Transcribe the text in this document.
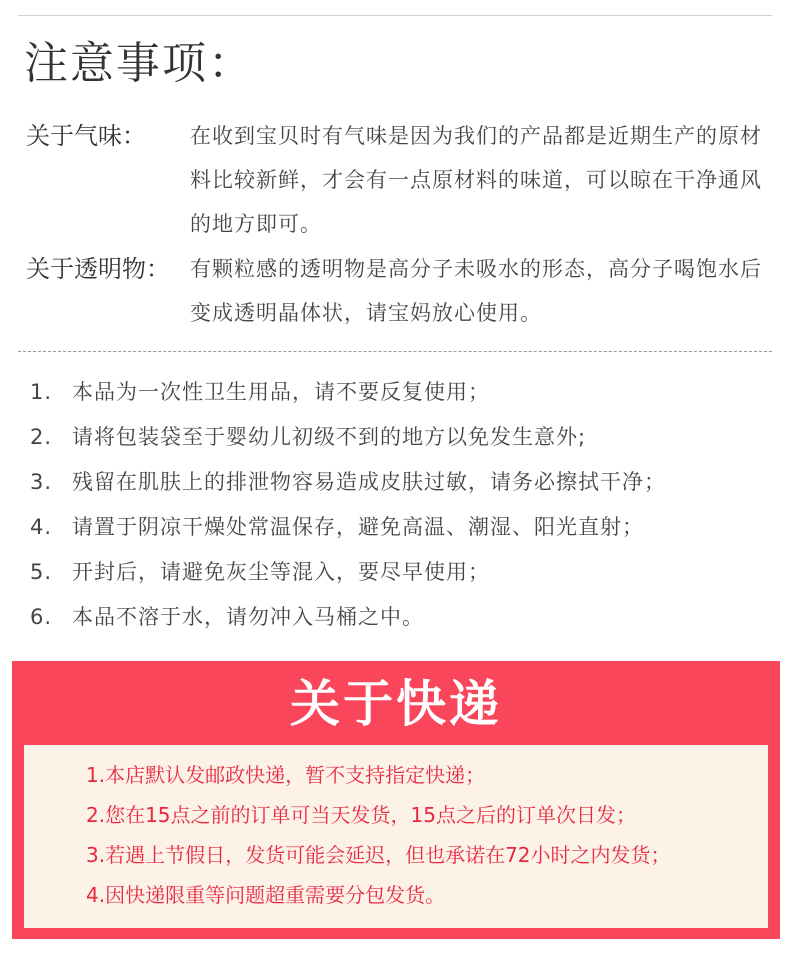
注意事项：
关于气味： 在收到宝贝时有气味是因为我们的产品都是近期生产的原材料比较新鲜，才会有一点原材料的味道，可以晾在干净通风的地方即可。
关于透明物： 有颗粒感的透明物是高分子未吸水的形态，高分子喝饱水后变成透明晶体状，请宝妈放心使用。
1. 本品为一次性卫生用品，请不要反复使用；
2. 请将包装袋至于婴幼儿初级不到的地方以免发生意外;
3. 残留在肌肤上的排泄物容易造成皮肤过敏，请务必擦拭干净；
4. 请置于阴凉干燥处常温保存，避免高温、潮湿、阳光直射；
5. 开封后，请避免灰尘等混入，要尽早使用；
6. 本品不溶于水，请勿冲入马桶之中。
关于快递
1.本店默认发邮政快递，暂不支持指定快递；
2.您在15点之前的订单可当天发货，15点之后的订单次日发；
3.若遇上节假日，发货可能会延迟，但也承诺在72小时之内发货；
4.因快递限重等问题超重需要分包发货。
